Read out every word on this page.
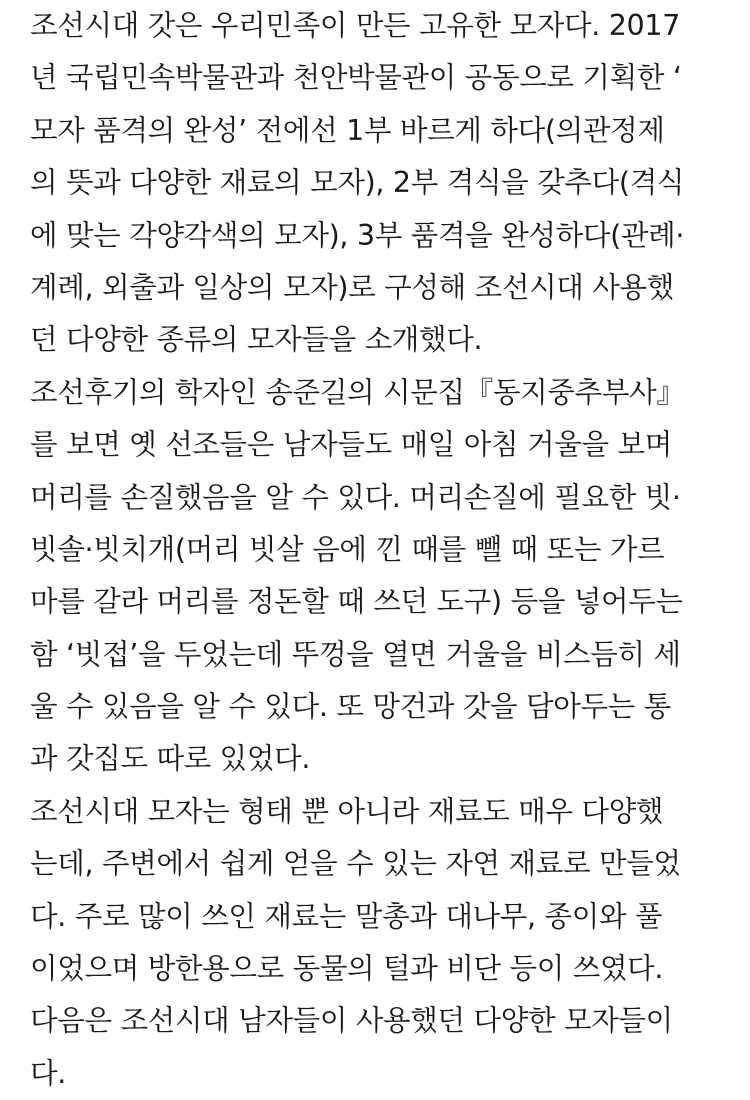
조선시대 갓은 우리민족이 만든 고유한 모자다. 2017
년 국립민속박물관과 천안박물관이 공동으로 기획한 ‘
모자 품격의 완성’ 전에선 1부 바르게 하다(의관정제
의 뜻과 다양한 재료의 모자), 2부 격식을 갖추다(격식
에 맞는 각양각색의 모자), 3부 품격을 완성하다(관례·
계례, 외출과 일상의 모자)로 구성해 조선시대 사용했
던 다양한 종류의 모자들을 소개했다.
조선후기의 학자인 송준길의 시문집『동지중추부사』
를 보면 옛 선조들은 남자들도 매일 아침 거울을 보며
머리를 손질했음을 알 수 있다. 머리손질에 필요한 빗·
빗솔·빗치개(머리 빗살 음에 낀 때를 뺄 때 또는 가르
마를 갈라 머리를 정돈할 때 쓰던 도구) 등을 넣어두는
함 ‘빗접’을 두었는데 뚜껑을 열면 거울을 비스듬히 세
울 수 있음을 알 수 있다. 또 망건과 갓을 담아두는 통
과 갓집도 따로 있었다.
조선시대 모자는 형태 뿐 아니라 재료도 매우 다양했
는데, 주변에서 쉽게 얻을 수 있는 자연 재료로 만들었
다. 주로 많이 쓰인 재료는 말총과 대나무, 종이와 풀
이었으며 방한용으로 동물의 털과 비단 등이 쓰였다.
다음은 조선시대 남자들이 사용했던 다양한 모자들이
다.
